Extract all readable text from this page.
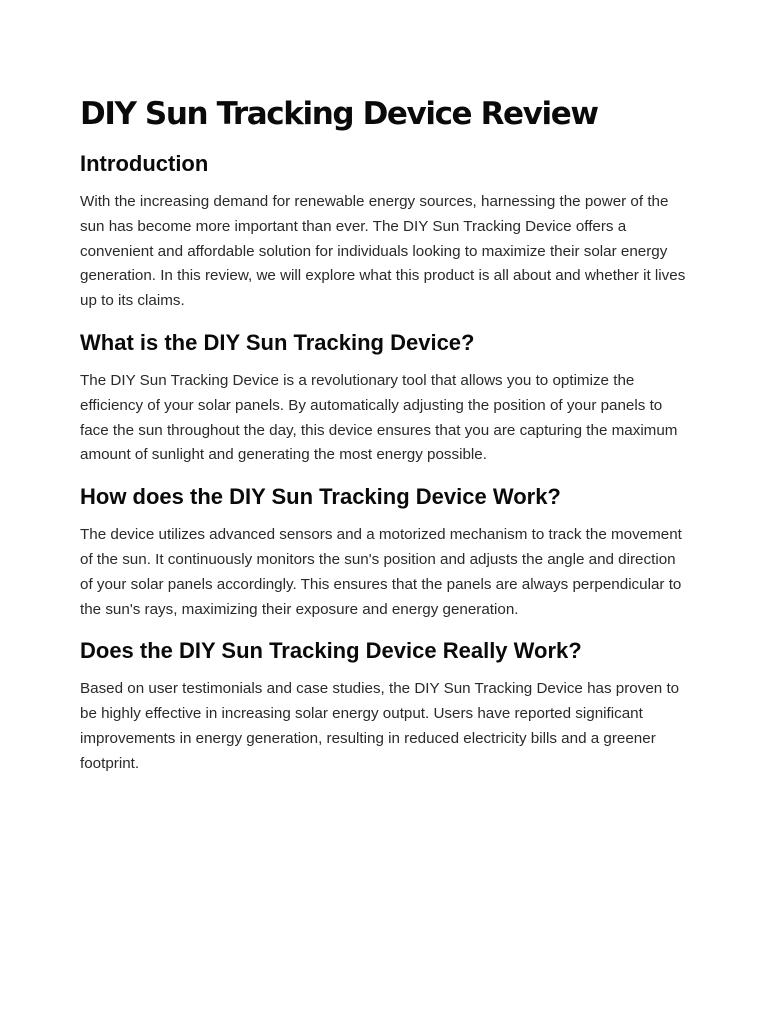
DIY Sun Tracking Device Review
Introduction

With the increasing demand for renewable energy sources, harnessing the power of the sun has become more important than ever. The DIY Sun Tracking Device offers a convenient and affordable solution for individuals looking to maximize their solar energy generation. In this review, we will explore what this product is all about and whether it lives up to its claims.

What is the DIY Sun Tracking Device?

The DIY Sun Tracking Device is a revolutionary tool that allows you to optimize the efficiency of your solar panels. By automatically adjusting the position of your panels to face the sun throughout the day, this device ensures that you are capturing the maximum amount of sunlight and generating the most energy possible.

How does the DIY Sun Tracking Device Work?

The device utilizes advanced sensors and a motorized mechanism to track the movement of the sun. It continuously monitors the sun's position and adjusts the angle and direction of your solar panels accordingly. This ensures that the panels are always perpendicular to the sun's rays, maximizing their exposure and energy generation.

Does the DIY Sun Tracking Device Really Work?

Based on user testimonials and case studies, the DIY Sun Tracking Device has proven to be highly effective in increasing solar energy output. Users have reported significant improvements in energy generation, resulting in reduced electricity bills and a greener footprint.
